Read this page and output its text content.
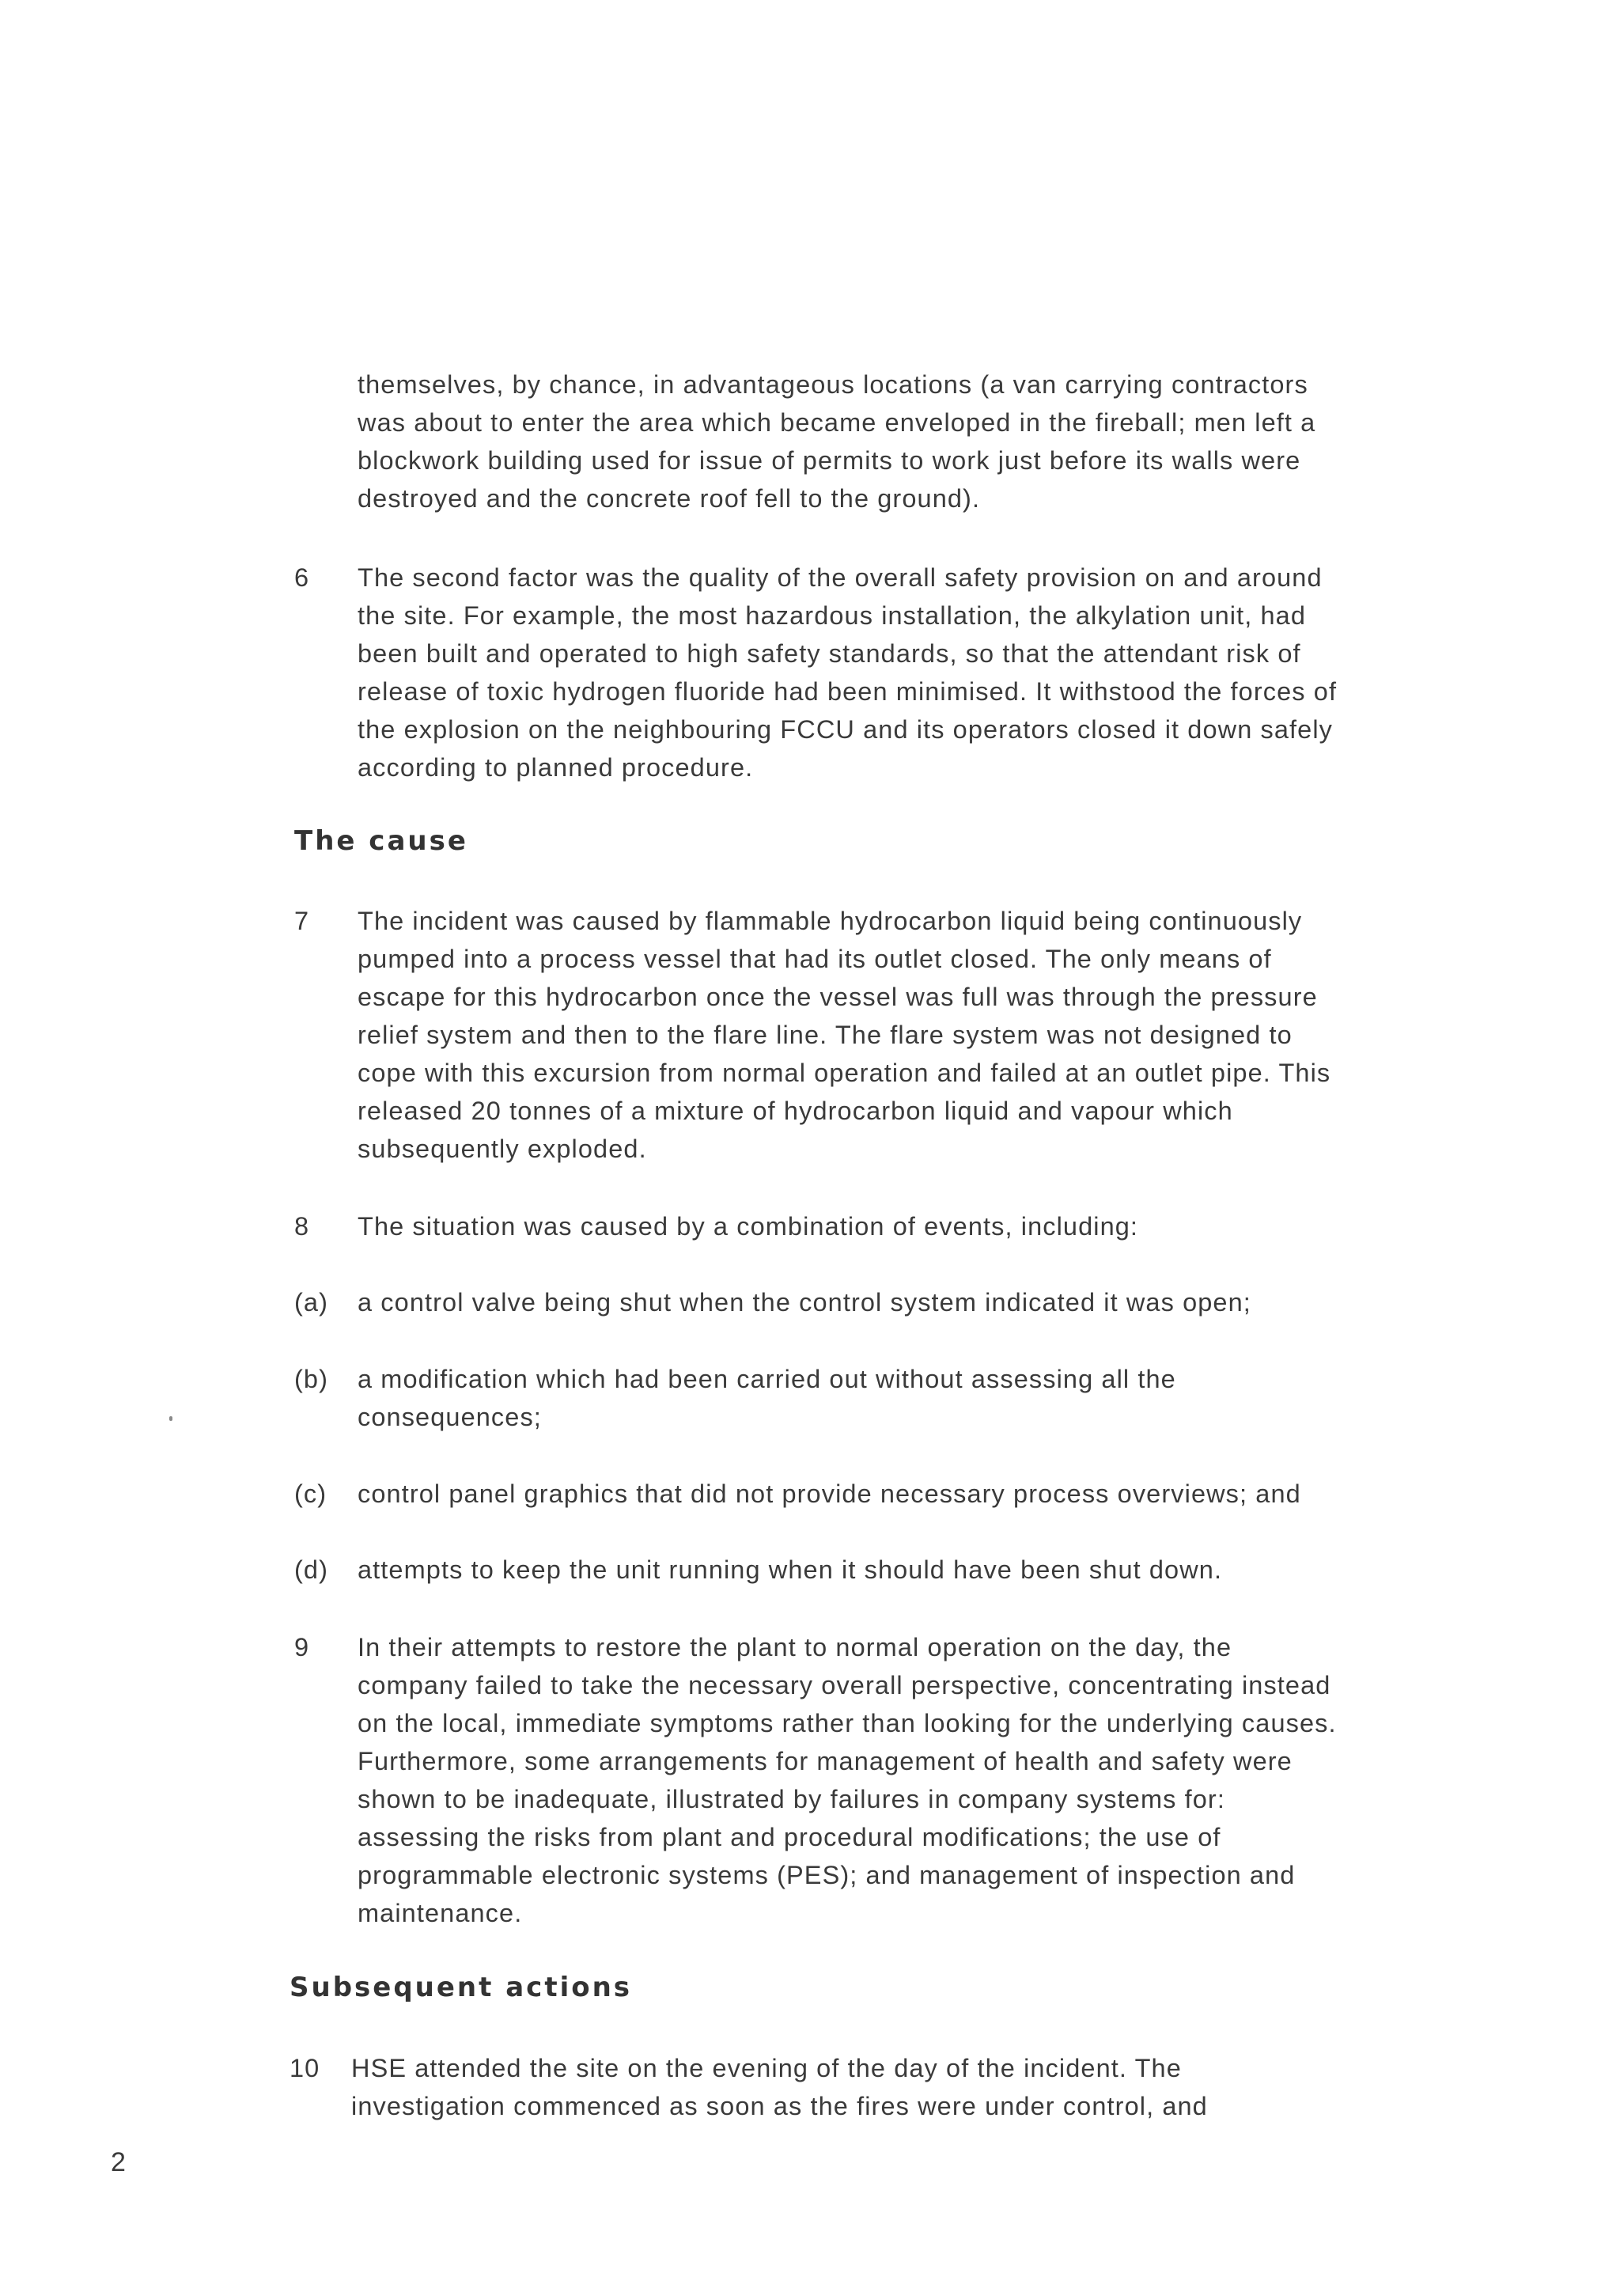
themselves, by chance, in advantageous locations (a van carrying contractors
was about to enter the area which became enveloped in the fireball; men left a
blockwork building used for issue of permits to work just before its walls were
destroyed and the concrete roof fell to the ground).
6 The second factor was the quality of the overall safety provision on and around
the site. For example, the most hazardous installation, the alkylation unit, had
been built and operated to high safety standards, so that the attendant risk of
release of toxic hydrogen fluoride had been minimised. It withstood the forces of
the explosion on the neighbouring FCCU and its operators closed it down safely
according to planned procedure.
The cause
7 The incident was caused by flammable hydrocarbon liquid being continuously
pumped into a process vessel that had its outlet closed. The only means of
escape for this hydrocarbon once the vessel was full was through the pressure
relief system and then to the flare line. The flare system was not designed to
cope with this excursion from normal operation and failed at an outlet pipe. This
released 20 tonnes of a mixture of hydrocarbon liquid and vapour which
subsequently exploded.
8 The situation was caused by a combination of events, including:
(a) a control valve being shut when the control system indicated it was open;
(b) a modification which had been carried out without assessing all the
consequences;
(c) control panel graphics that did not provide necessary process overviews; and
(d) attempts to keep the unit running when it should have been shut down.
9 In their attempts to restore the plant to normal operation on the day, the
company failed to take the necessary overall perspective, concentrating instead
on the local, immediate symptoms rather than looking for the underlying causes.
Furthermore, some arrangements for management of health and safety were
shown to be inadequate, illustrated by failures in company systems for:
assessing the risks from plant and procedural modifications; the use of
programmable electronic systems (PES); and management of inspection and
maintenance.
Subsequent actions
10 HSE attended the site on the evening of the day of the incident. The
investigation commenced as soon as the fires were under control, and
2
